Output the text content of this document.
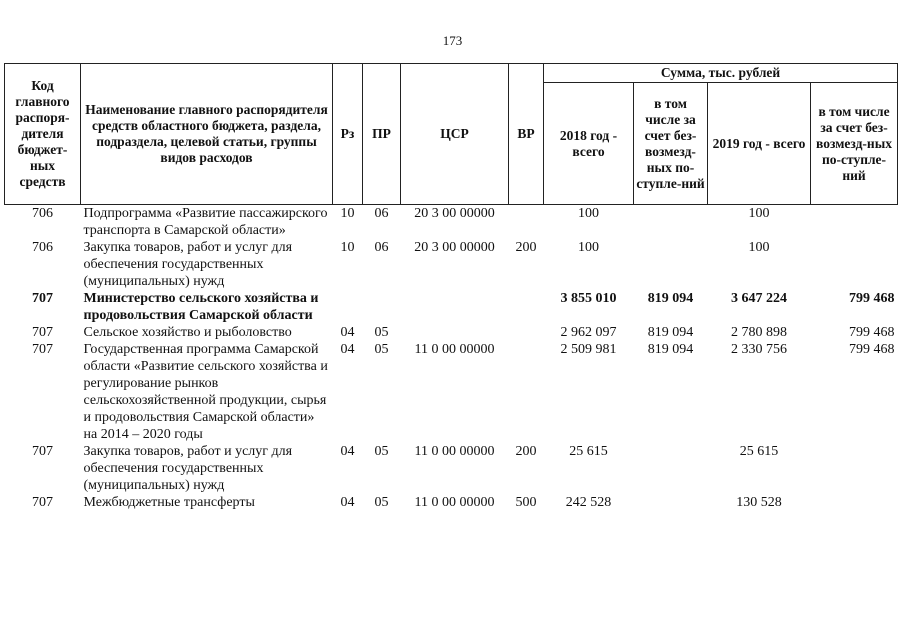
173
Код главного распоря-дителя бюджет-ных средств	Наименование главного распорядителя средств областного бюджета, раздела, подраздела, целевой статьи, группы видов расходов	Рз	ПР	ЦСР	ВР	Сумма, тыс. рублей			
						2018 год - всего	в том числе за счет без-возмезд-ных по-ступле-ний	2019 год - всего	в том числе за счет без-возмезд-ных по-ступле-ний
706	Подпрограмма «Развитие пассажирского транспорта в Самарской области»	10	06	20 3 00 00000		100		100	
706	Закупка товаров, работ и услуг для обеспечения государственных (муниципальных) нужд	10	06	20 3 00 00000	200	100		100	
707	Министерство сельского хозяйства и продовольствия Самарской области					3 855 010	819 094	3 647 224	799 468
707	Сельское хозяйство и рыболовство	04	05			2 962 097	819 094	2 780 898	799 468
707	Государственная программа Самарской области «Развитие сельского хозяйства и регулирование рынков сельскохозяйственной продукции, сырья и продовольствия Самарской области» на 2014 – 2020 годы	04	05	11 0 00 00000		2 509 981	819 094	2 330 756	799 468
707	Закупка товаров, работ и услуг для обеспечения государственных (муниципальных) нужд	04	05	11 0 00 00000	200	25 615		25 615	
707	Межбюджетные трансферты	04	05	11 0 00 00000	500	242 528		130 528	
